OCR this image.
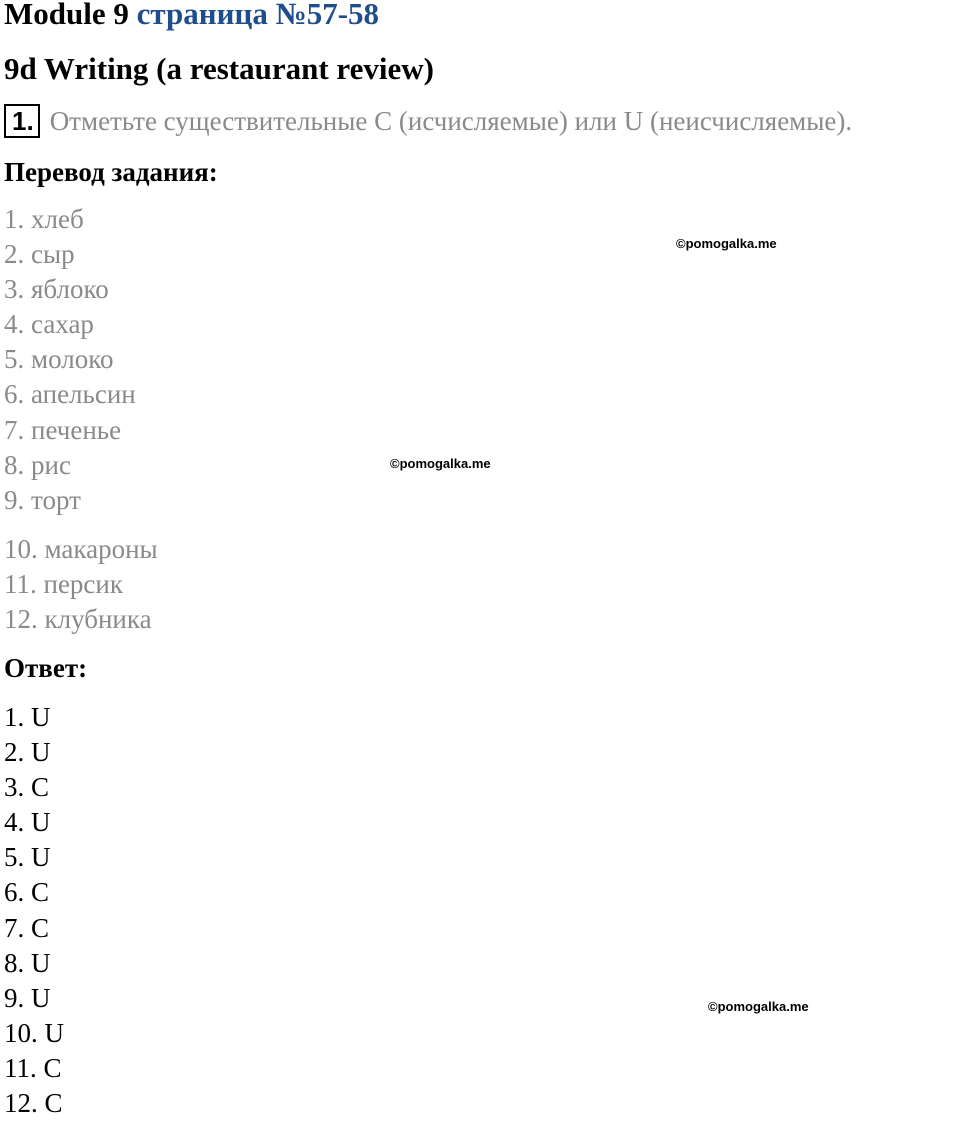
Module 9 страница №57-58
9d Writing (a restaurant review)
1. Отметьте существительные C (исчисляемые) или U (неисчисляемые).
Перевод задания:
1. хлеб
2. сыр
3. яблоко
4. сахар
5. молоко
6. апельсин
7. печенье
8. рис
9. торт
10. макароны
11. персик
12. клубника
Ответ:
1. U
2. U
3. C
4. U
5. U
6. C
7. C
8. U
9. U
10. U
11. C
12. C
©pomogalka.me
©pomogalka.me
©pomogalka.me
